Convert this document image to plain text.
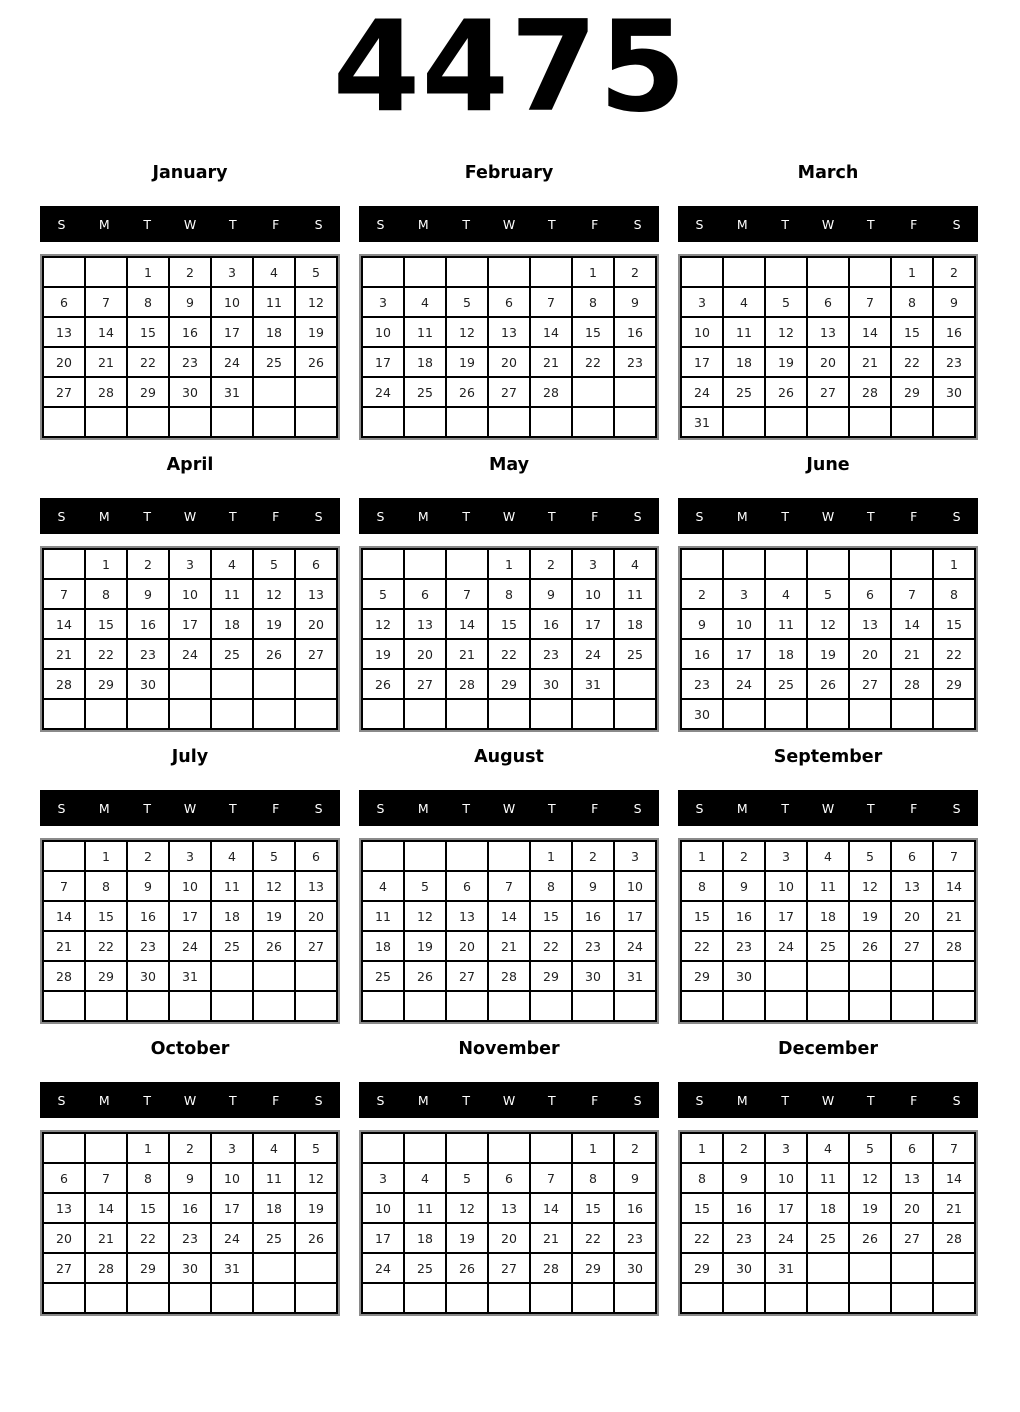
4475
January
S	M	T	W	T	F	S
		1	2	3	4	5
6	7	8	9	10	11	12
13	14	15	16	17	18	19
20	21	22	23	24	25	26
27	28	29	30	31		

February
S	M	T	W	T	F	S
					1	2
3	4	5	6	7	8	9
10	11	12	13	14	15	16
17	18	19	20	21	22	23
24	25	26	27	28		

March
S	M	T	W	T	F	S
					1	2
3	4	5	6	7	8	9
10	11	12	13	14	15	16
17	18	19	20	21	22	23
24	25	26	27	28	29	30
31						
April
S	M	T	W	T	F	S
	1	2	3	4	5	6
7	8	9	10	11	12	13
14	15	16	17	18	19	20
21	22	23	24	25	26	27
28	29	30				

May
S	M	T	W	T	F	S
			1	2	3	4
5	6	7	8	9	10	11
12	13	14	15	16	17	18
19	20	21	22	23	24	25
26	27	28	29	30	31	

June
S	M	T	W	T	F	S
						1
2	3	4	5	6	7	8
9	10	11	12	13	14	15
16	17	18	19	20	21	22
23	24	25	26	27	28	29
30						
July
S	M	T	W	T	F	S
	1	2	3	4	5	6
7	8	9	10	11	12	13
14	15	16	17	18	19	20
21	22	23	24	25	26	27
28	29	30	31			

August
S	M	T	W	T	F	S
				1	2	3
4	5	6	7	8	9	10
11	12	13	14	15	16	17
18	19	20	21	22	23	24
25	26	27	28	29	30	31

September
S	M	T	W	T	F	S
1	2	3	4	5	6	7
8	9	10	11	12	13	14
15	16	17	18	19	20	21
22	23	24	25	26	27	28
29	30					

October
S	M	T	W	T	F	S
		1	2	3	4	5
6	7	8	9	10	11	12
13	14	15	16	17	18	19
20	21	22	23	24	25	26
27	28	29	30	31		

November
S	M	T	W	T	F	S
					1	2
3	4	5	6	7	8	9
10	11	12	13	14	15	16
17	18	19	20	21	22	23
24	25	26	27	28	29	30

December
S	M	T	W	T	F	S
1	2	3	4	5	6	7
8	9	10	11	12	13	14
15	16	17	18	19	20	21
22	23	24	25	26	27	28
29	30	31				
